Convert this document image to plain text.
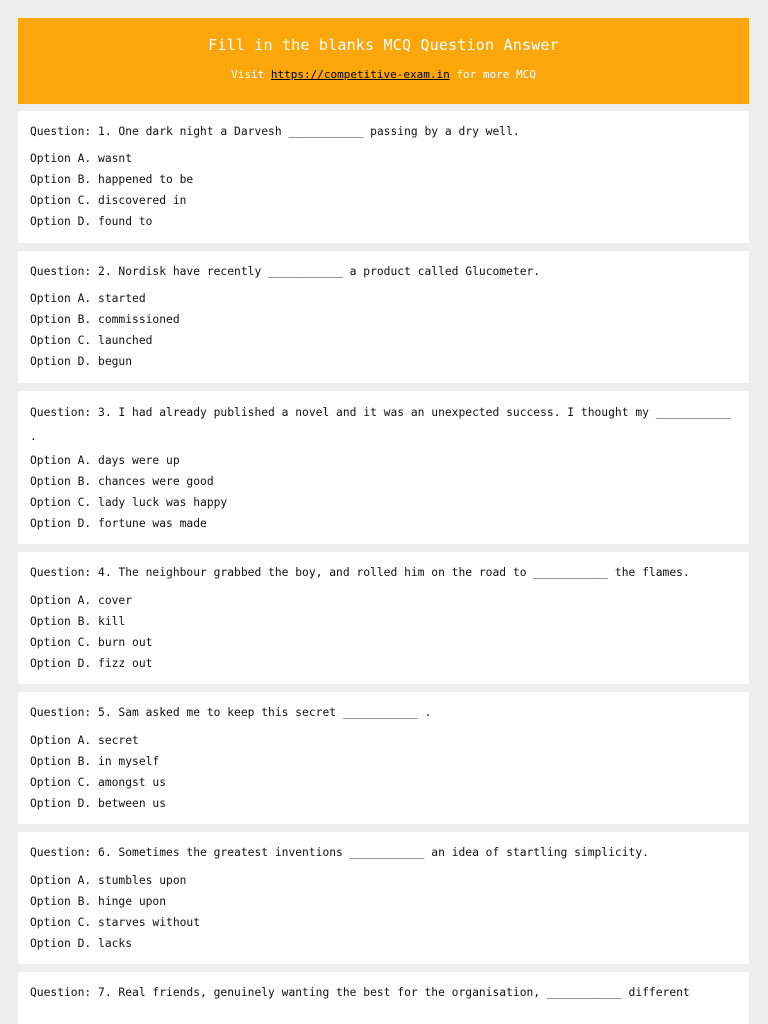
Fill in the blanks MCQ Question Answer
Visit https://competitive-exam.in for more MCQ
Question: 1. One dark night a Darvesh ___________ passing by a dry well.
Option A. wasnt
Option B. happened to be
Option C. discovered in
Option D. found to
Question: 2. Nordisk have recently ___________ a product called Glucometer.
Option A. started
Option B. commissioned
Option C. launched
Option D. begun
Question: 3. I had already published a novel and it was an unexpected success. I thought my ___________ .
Option A. days were up
Option B. chances were good
Option C. lady luck was happy
Option D. fortune was made
Question: 4. The neighbour grabbed the boy, and rolled him on the road to ___________ the flames.
Option A. cover
Option B. kill
Option C. burn out
Option D. fizz out
Question: 5. Sam asked me to keep this secret ___________ .
Option A. secret
Option B. in myself
Option C. amongst us
Option D. between us
Question: 6. Sometimes the greatest inventions ___________ an idea of startling simplicity.
Option A. stumbles upon
Option B. hinge upon
Option C. starves without
Option D. lacks
Question: 7. Real friends, genuinely wanting the best for the organisation, ___________ different
